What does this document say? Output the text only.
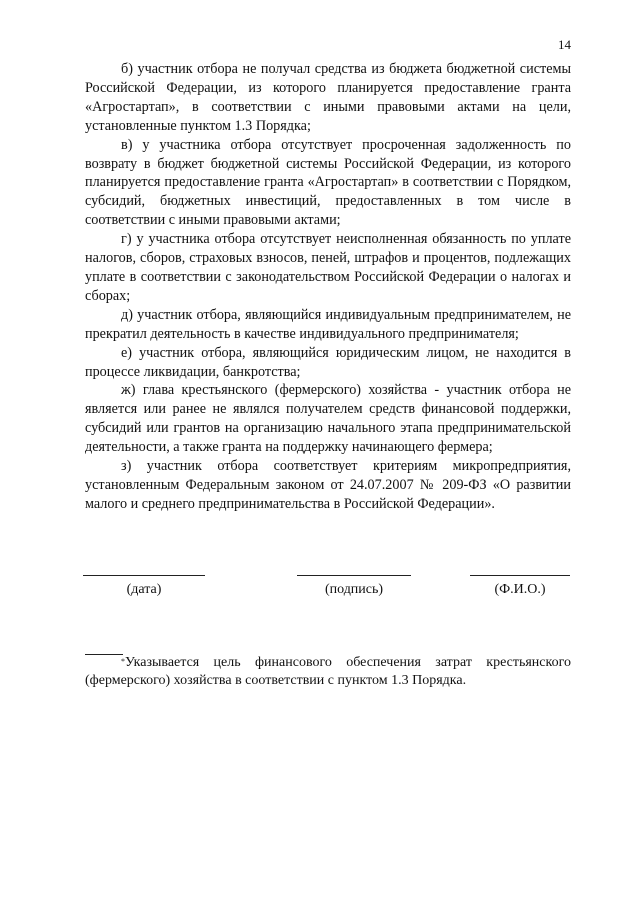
14

б) участник отбора не получал средства из бюджета бюджетной системы Российской Федерации, из которого планируется предоставление гранта «Агростартап», в соответствии с иными правовыми актами на цели, установленные пунктом 1.3 Порядка;

в) у участника отбора отсутствует просроченная задолженность по возврату в бюджет бюджетной системы Российской Федерации, из которого планируется предоставление гранта «Агростартап» в соответствии с Порядком, субсидий, бюджетных инвестиций, предоставленных в том числе в соответствии с иными правовыми актами;

г) у участника отбора отсутствует неисполненная обязанность по уплате налогов, сборов, страховых взносов, пеней, штрафов и процентов, подлежащих уплате в соответствии с законодательством Российской Федерации о налогах и сборах;

д) участник отбора, являющийся индивидуальным предпринимателем, не прекратил деятельность в качестве индивидуального предпринимателя;

е) участник отбора, являющийся юридическим лицом, не находится в процессе ликвидации, банкротства;

ж) глава крестьянского (фермерского) хозяйства - участник отбора не является или ранее не являлся получателем средств финансовой поддержки, субсидий или грантов на организацию начального этапа предпринимательской деятельности, а также гранта на поддержку начинающего фермера;

з) участник отбора соответствует критериям микропредприятия, установленным Федеральным законом от 24.07.2007 № 209-ФЗ «О развитии малого и среднего предпринимательства в Российской Федерации».

(дата)	(подпись)	(Ф.И.О.)

*Указывается цель финансового обеспечения затрат крестьянского (фермерского) хозяйства в соответствии с пунктом 1.3 Порядка.
